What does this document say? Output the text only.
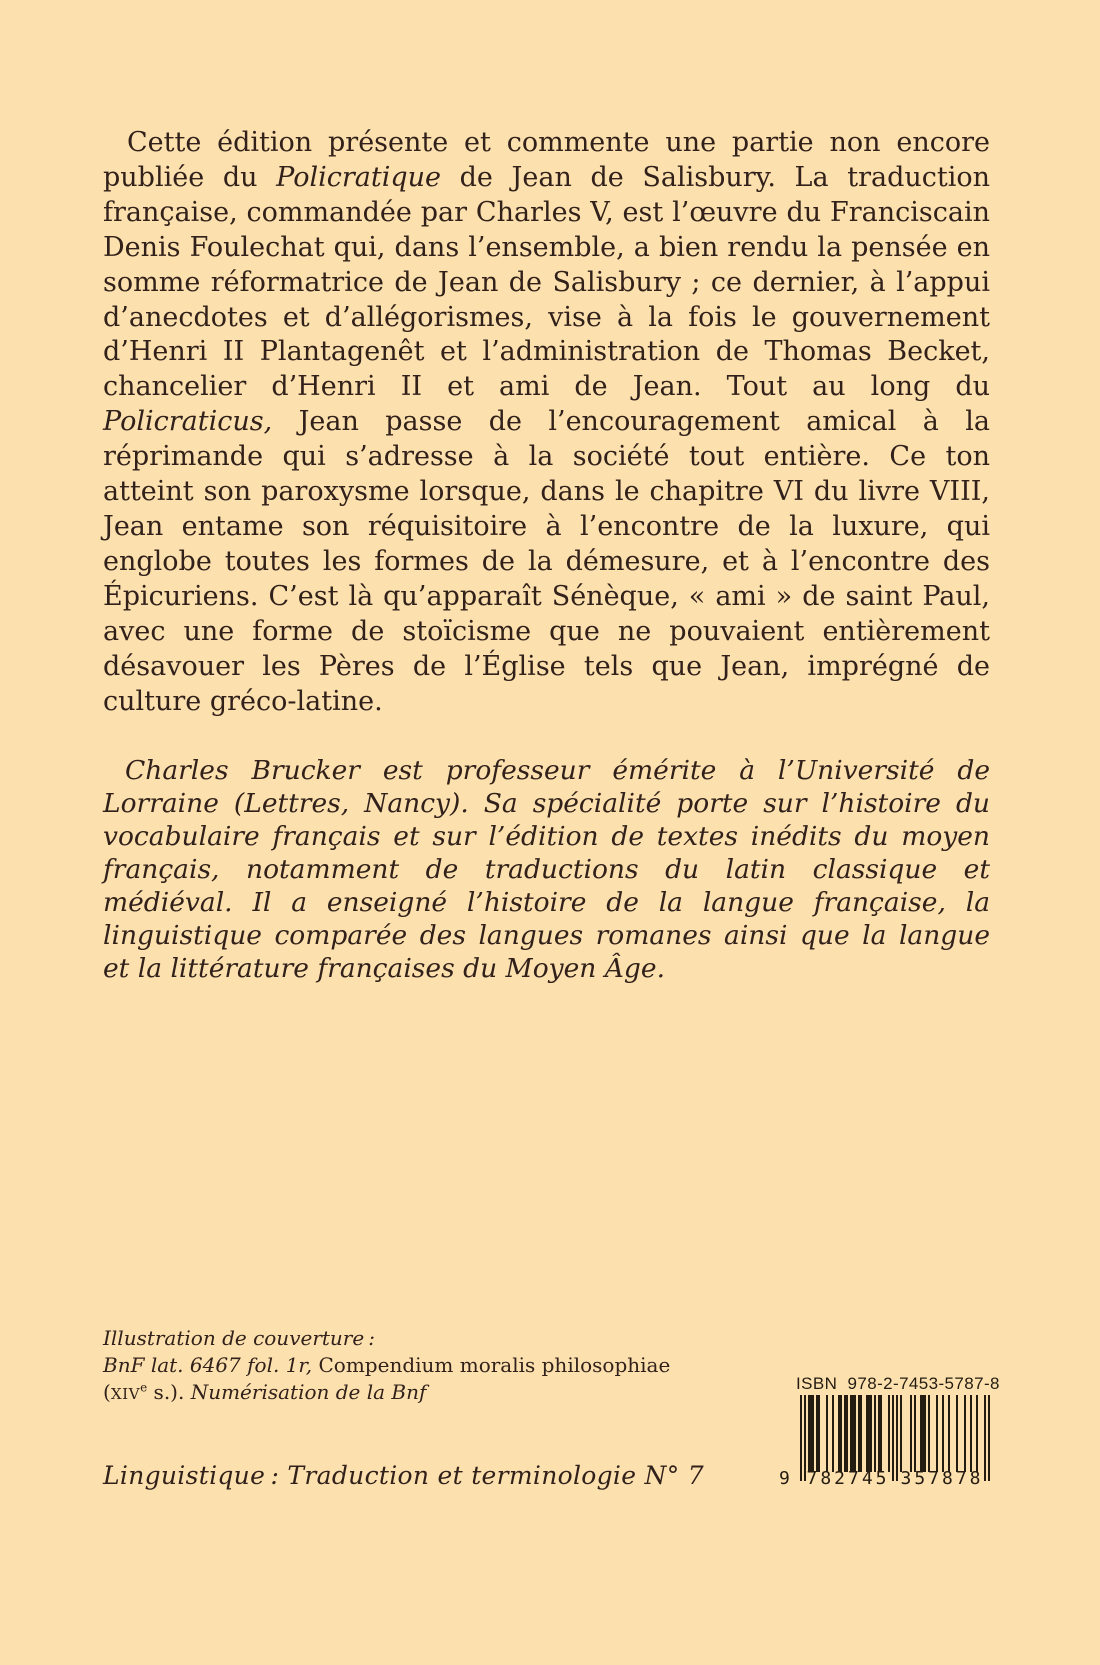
Cette édition présente et commente une partie non encore publiée du Policratique de Jean de Salisbury. La traduction française, commandée par Charles V, est l’œuvre du Franciscain Denis Foulechat qui, dans l’ensemble, a bien rendu la pensée en somme réformatrice de Jean de Salisbury ; ce dernier, à l’appui d’anecdotes et d’allégorismes, vise à la fois le gouvernement d’Henri II Plantagenêt et l’administration de Thomas Becket, chancelier d’Henri II et ami de Jean. Tout au long du Policraticus, Jean passe de l’encouragement amical à la réprimande qui s’adresse à la société tout entière. Ce ton atteint son paroxysme lorsque, dans le chapitre VI du livre VIII, Jean entame son réquisitoire à l’encontre de la luxure, qui englobe toutes les formes de la démesure, et à l’encontre des Épicuriens. C’est là qu’apparaît Sénèque, « ami » de saint Paul, avec une forme de stoïcisme que ne pouvaient entièrement désavouer les Pères de l’Église tels que Jean, imprégné de culture gréco-latine.

Charles Brucker est professeur émérite à l’Université de Lorraine (Lettres, Nancy). Sa spécialité porte sur l’histoire du vocabulaire français et sur l’édition de textes inédits du moyen français, notamment de traductions du latin classique et médiéval. Il a enseigné l’histoire de la langue française, la linguistique comparée des langues romanes ainsi que la langue et la littérature françaises du Moyen Âge.

Illustration de couverture :
BnF lat. 6467 fol. 1r, Compendium moralis philosophiae
(XIVe s.). Numérisation de la Bnf
Linguistique : Traduction et terminologie N° 7
ISBN  978-2-7453-5787-8
9 782745 357878
